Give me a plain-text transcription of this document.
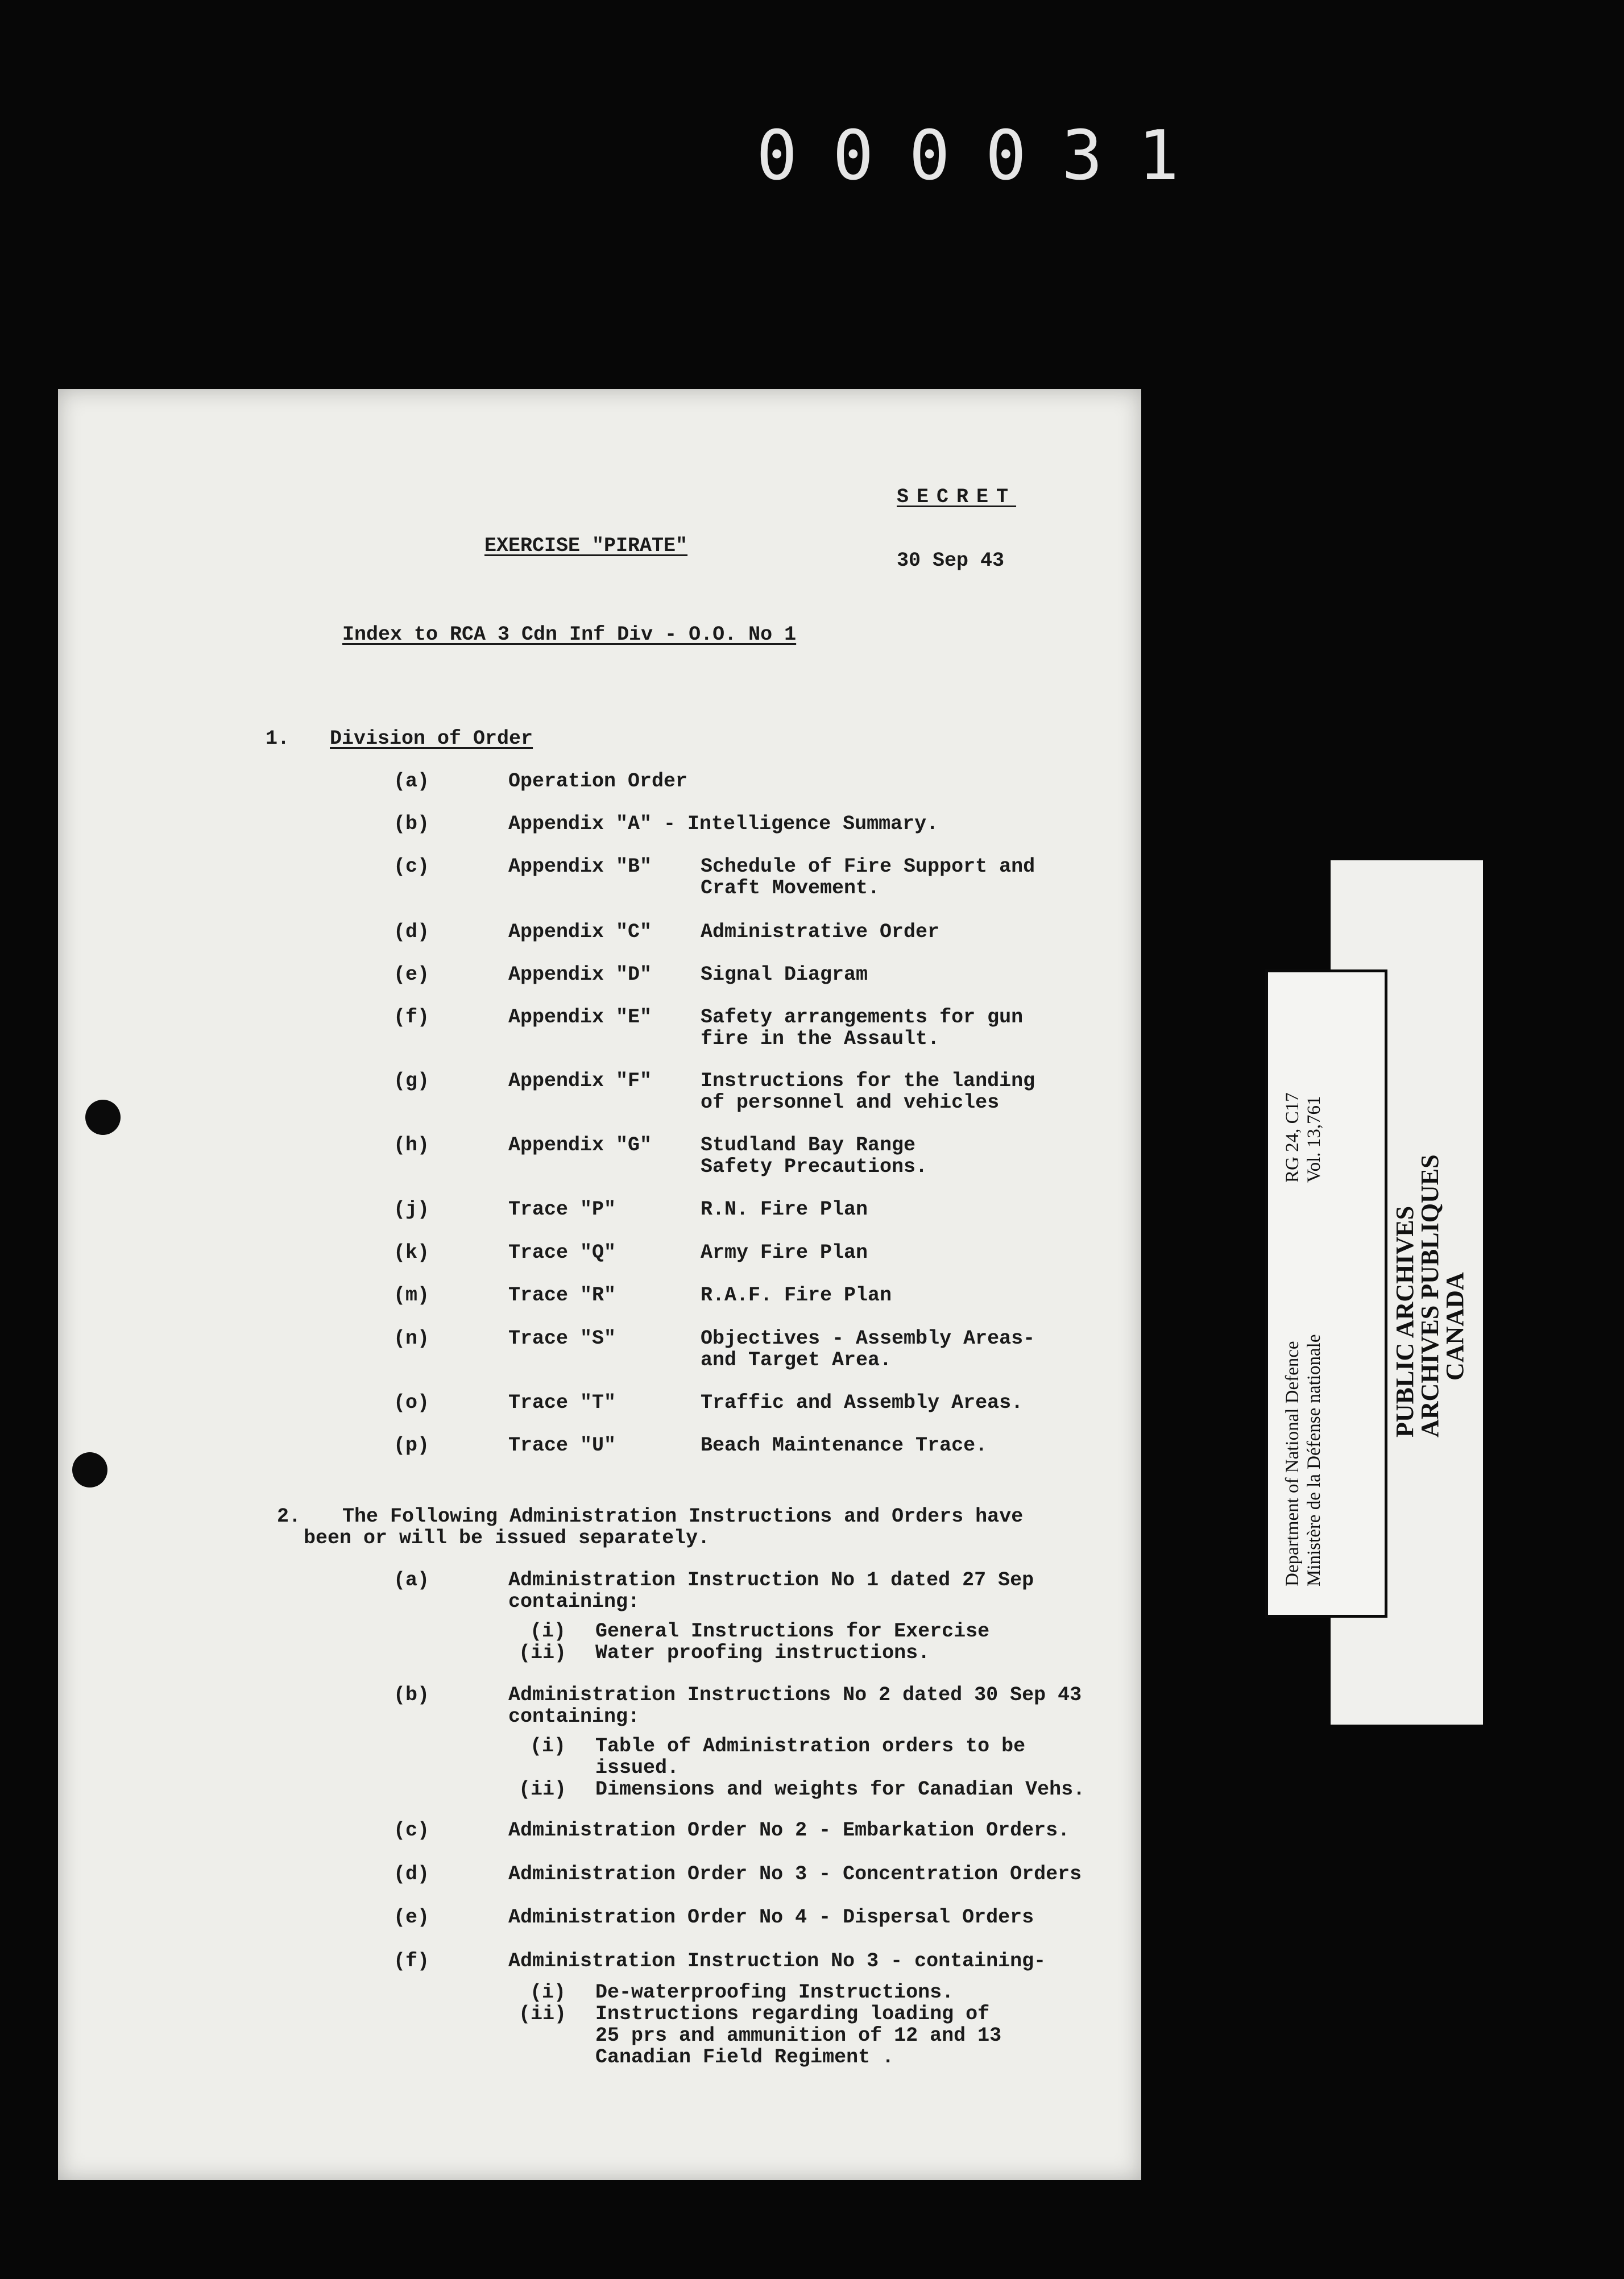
000031
SECRET
EXERCISE "PIRATE"
30 Sep 43
Index to RCA 3 Cdn Inf Div - O.O. No 1
1. Division of Order
(a)	Operation Order
(b)	Appendix "A" - Intelligence Summary.
(c)	Appendix "B" Schedule of Fire Support and
Craft Movement.
(d)	Appendix "C" Administrative Order
(e)	Appendix "D" Signal Diagram
(f)	Appendix "E" Safety arrangements for gun
fire in the Assault.
(g)	Appendix "F" Instructions for the landing
of personnel and vehicles
(h)	Appendix "G" Studland Bay Range
Safety Precautions.
(j)	Trace "P"	R.N. Fire Plan
(k)	Trace "Q"	Army Fire Plan
(m)	Trace "R"	R.A.F. Fire Plan
(n)	Trace "S"	Objectives - Assembly Areas-
and Target Area.
(o)	Trace "T"	Traffic and Assembly Areas.
(p)	Trace "U"	Beach Maintenance Trace.
2. The Following Administration Instructions and Orders have
been or will be issued separately.
(a)	Administration Instruction No 1 dated 27 Sep
containing:
(i) General Instructions for Exercise
(ii) Water proofing instructions.
(b)	Administration Instructions No 2 dated 30 Sep 43
containing:
(i) Table of Administration orders to be
issued.
(ii) Dimensions and weights for Canadian Vehs.
(c)	Administration Order No 2 - Embarkation Orders.
(d)	Administration Order No 3 - Concentration Orders
(e)	Administration Order No 4 - Dispersal Orders
(f)	Administration Instruction No 3 - containing-
(i) De-waterproofing Instructions.
(ii) Instructions regarding loading of
25 prs and ammunition of 12 and 13
Canadian Field Regiment .
Department of National Defence Ministère de la Défense nationale
RG 24, C17 Vol. 13,761
PUBLIC ARCHIVES
ARCHIVES PUBLIQUES
CANADA
